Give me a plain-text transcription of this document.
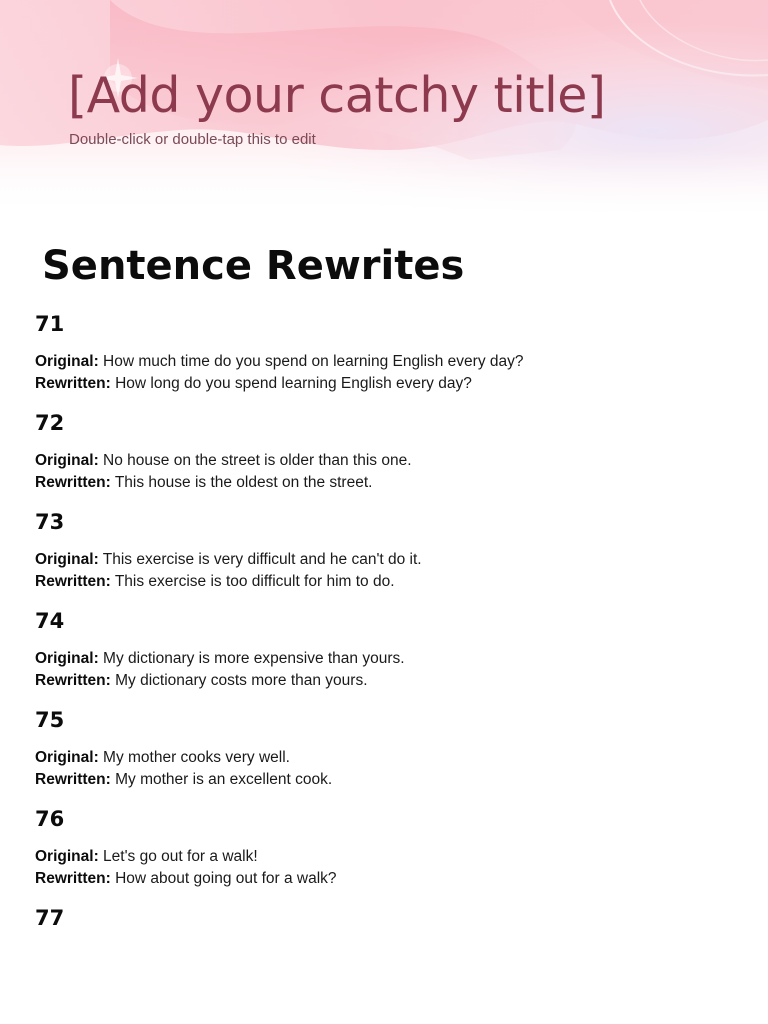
[Add your catchy title]

Double-click or double-tap this to edit

Sentence Rewrites
71
Original: How much time do you spend on learning English every day?
Rewritten: How long do you spend learning English every day?
72
Original: No house on the street is older than this one.
Rewritten: This house is the oldest on the street.
73
Original: This exercise is very difficult and he can't do it.
Rewritten: This exercise is too difficult for him to do.
74
Original: My dictionary is more expensive than yours.
Rewritten: My dictionary costs more than yours.
75
Original: My mother cooks very well.
Rewritten: My mother is an excellent cook.
76
Original: Let's go out for a walk!
Rewritten: How about going out for a walk?
77
